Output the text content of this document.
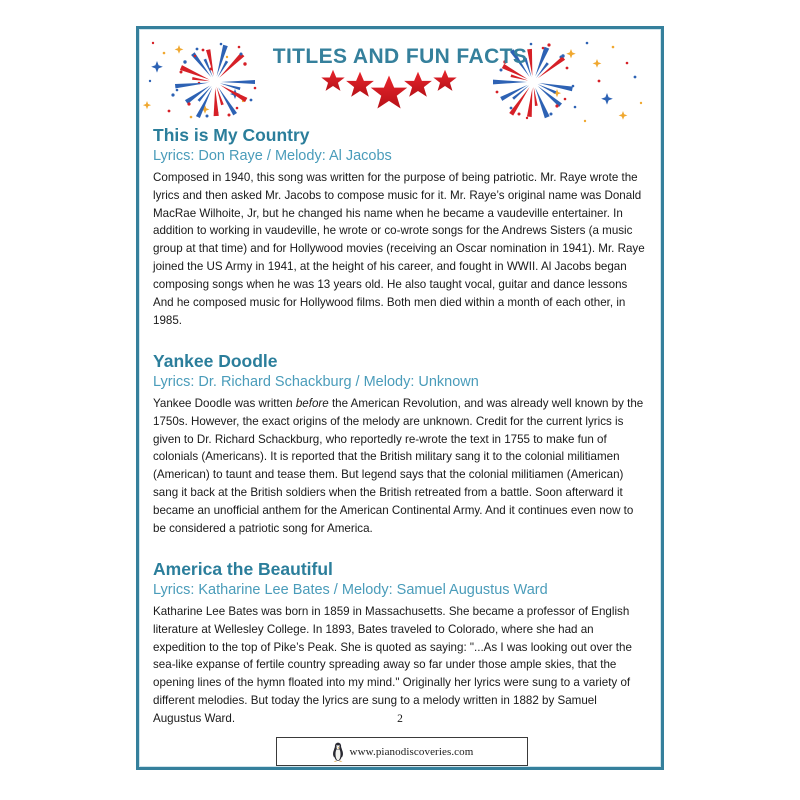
TITLES AND FUN FACTS
This is My Country
Lyrics: Don Raye / Melody: Al Jacobs

Composed in 1940, this song was written for the purpose of being patriotic. Mr. Raye wrote the lyrics and then asked Mr. Jacobs to compose music for it. Mr. Raye’s original name was Donald MacRae Wilhoite, Jr, but he changed his name when he became a vaudeville entertainer. In addition to working in vaudeville, he wrote or co-wrote songs for the Andrews Sisters (a music group at that time) and for Hollywood movies (receiving an Oscar nomination in 1941). Mr. Raye joined the US Army in 1941, at the height of his career, and fought in WWII. Al Jacobs began composing songs when he was 13 years old. He also taught vocal, guitar and dance lessons And he composed music for Hollywood films. Both men died within a month of each other, in 1985.

Yankee Doodle
Lyrics: Dr. Richard Schackburg / Melody: Unknown

Yankee Doodle was written before the American Revolution, and was already well known by the 1750s. However, the exact origins of the melody are unknown. Credit for the current lyrics is given to Dr. Richard Schackburg, who reportedly re-wrote the text in 1755 to make fun of colonials (Americans). It is reported that the British military sang it to the colonial militiamen (American) to taunt and tease them. But legend says that the colonial militiamen (American) sang it back at the British soldiers when the British retreated from a battle. Soon afterward it became an unofficial anthem for the American Continental Army. And it continues even now to be considered a patriotic song for America.

America the Beautiful
Lyrics: Katharine Lee Bates / Melody: Samuel Augustus Ward

Katharine Lee Bates was born in 1859 in Massachusetts. She became a professor of English literature at Wellesley College. In 1893, Bates traveled to Colorado, where she had an expedition to the top of Pike’s Peak. She is quoted as saying: "...As I was looking out over the sea-like expanse of fertile country spreading away so far under those ample skies, that the opening lines of the hymn floated into my mind." Originally her lyrics were sung to a variety of different melodies. But today the lyrics are sung to a melody written in 1882 by Samuel Augustus Ward.	2
www.pianodiscoveries.com
